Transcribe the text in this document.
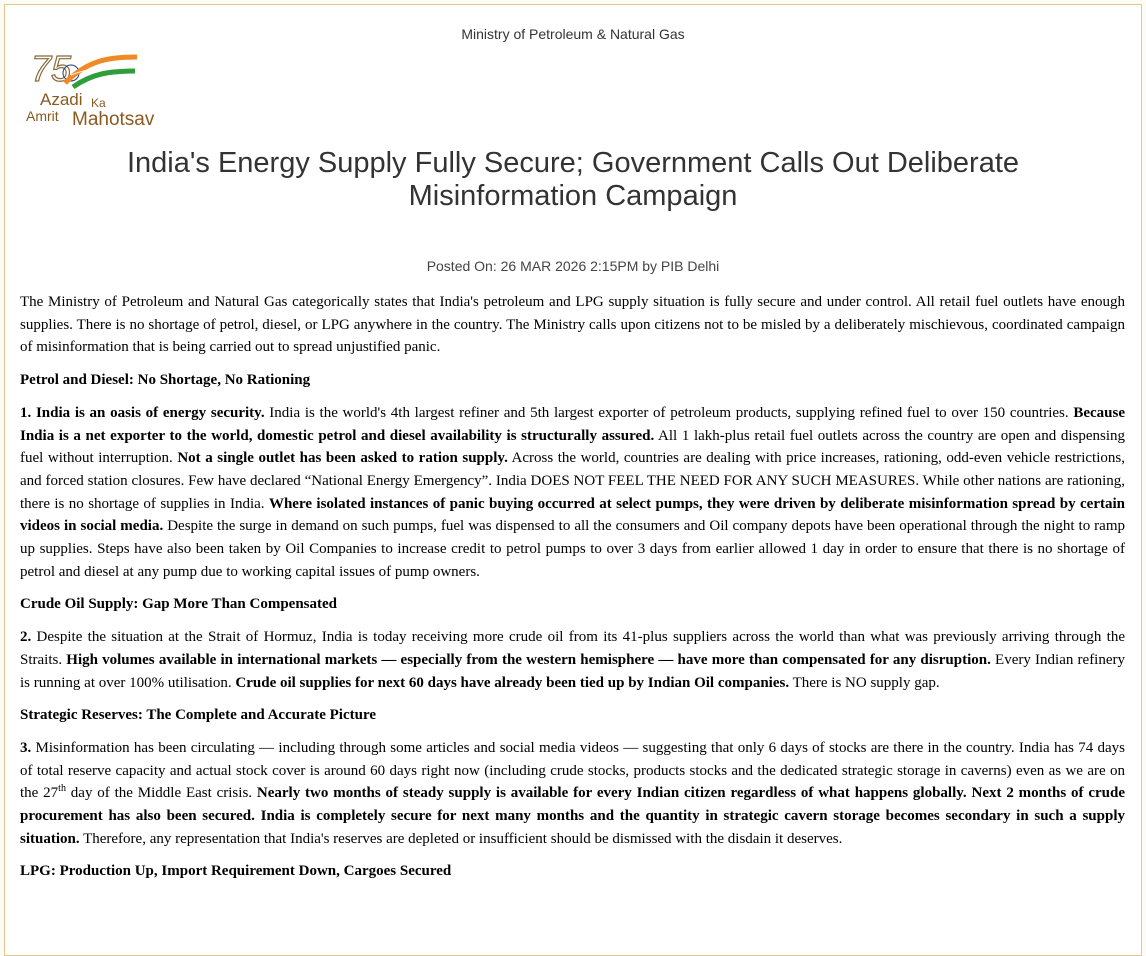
Ministry of Petroleum & Natural Gas
75
Azadi Ka
Amrit Mahotsav
India's Energy Supply Fully Secure; Government Calls Out Deliberate Misinformation Campaign
Posted On: 26 MAR 2026 2:15PM by PIB Delhi

The Ministry of Petroleum and Natural Gas categorically states that India's petroleum and LPG supply situation is fully secure and under control. All retail fuel outlets have enough supplies. There is no shortage of petrol, diesel, or LPG anywhere in the country. The Ministry calls upon citizens not to be misled by a deliberately mischievous, coordinated campaign of misinformation that is being carried out to spread unjustified panic.

Petrol and Diesel: No Shortage, No Rationing

1. India is an oasis of energy security. India is the world's 4th largest refiner and 5th largest exporter of petroleum products, supplying refined fuel to over 150 countries. Because India is a net exporter to the world, domestic petrol and diesel availability is structurally assured. All 1 lakh-plus retail fuel outlets across the country are open and dispensing fuel without interruption. Not a single outlet has been asked to ration supply. Across the world, countries are dealing with price increases, rationing, odd-even vehicle restrictions, and forced station closures. Few have declared “National Energy Emergency”. India DOES NOT FEEL THE NEED FOR ANY SUCH MEASURES. While other nations are rationing, there is no shortage of supplies in India. Where isolated instances of panic buying occurred at select pumps, they were driven by deliberate misinformation spread by certain videos in social media. Despite the surge in demand on such pumps, fuel was dispensed to all the consumers and Oil company depots have been operational through the night to ramp up supplies. Steps have also been taken by Oil Companies to increase credit to petrol pumps to over 3 days from earlier allowed 1 day in order to ensure that there is no shortage of petrol and diesel at any pump due to working capital issues of pump owners.

Crude Oil Supply: Gap More Than Compensated

2. Despite the situation at the Strait of Hormuz, India is today receiving more crude oil from its 41-plus suppliers across the world than what was previously arriving through the Straits. High volumes available in international markets — especially from the western hemisphere — have more than compensated for any disruption. Every Indian refinery is running at over 100% utilisation. Crude oil supplies for next 60 days have already been tied up by Indian Oil companies. There is NO supply gap.

Strategic Reserves: The Complete and Accurate Picture

3. Misinformation has been circulating — including through some articles and social media videos — suggesting that only 6 days of stocks are there in the country. India has 74 days of total reserve capacity and actual stock cover is around 60 days right now (including crude stocks, products stocks and the dedicated strategic storage in caverns) even as we are on the 27th day of the Middle East crisis. Nearly two months of steady supply is available for every Indian citizen regardless of what happens globally. Next 2 months of crude procurement has also been secured. India is completely secure for next many months and the quantity in strategic cavern storage becomes secondary in such a supply situation. Therefore, any representation that India's reserves are depleted or insufficient should be dismissed with the disdain it deserves.

LPG: Production Up, Import Requirement Down, Cargoes Secured
